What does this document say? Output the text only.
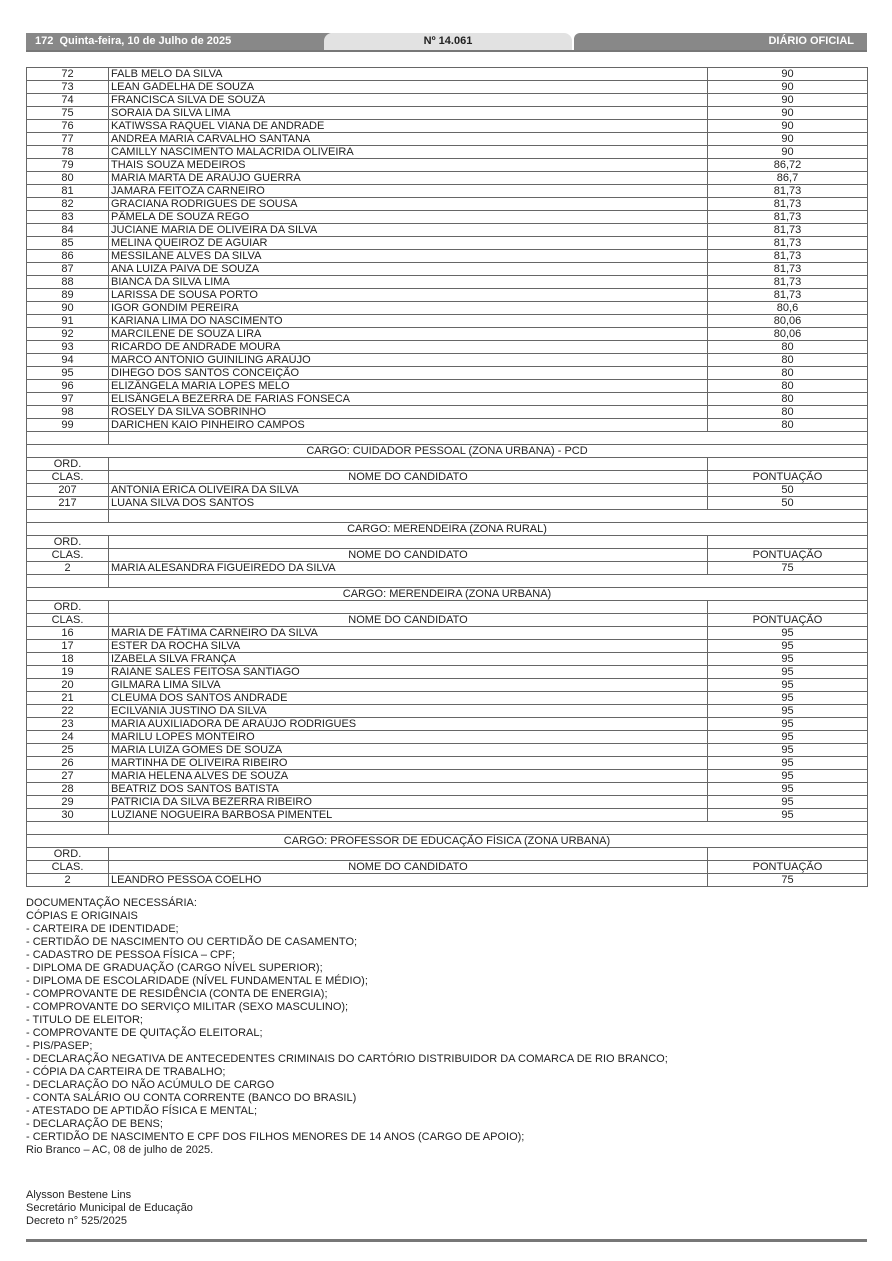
172 Quinta-feira, 10 de Julho de 2025	Nº 14.061	DIÁRIO OFICIAL
72	FALB MELO DA SILVA	90
73	LEAN GADELHA DE SOUZA	90
74	FRANCISCA SILVA DE SOUZA	90
75	SORAIA DA SILVA LIMA	90
76	KATIWSSA RAQUEL VIANA DE ANDRADE	90
77	ANDREA MARIA CARVALHO SANTANA	90
78	CAMILLY NASCIMENTO MALACRIDA OLIVEIRA	90
79	THAIS SOUZA MEDEIROS	86,72
80	MARIA MARTA DE ARAÚJO GUERRA	86,7
81	JAMARA FEITOZA CARNEIRO	81,73
82	GRACIANA RODRIGUES DE SOUSA	81,73
83	PÂMELA DE SOUZA REGO	81,73
84	JUCIANE MARIA DE OLIVEIRA DA SILVA	81,73
85	MELINA QUEIROZ DE AGUIAR	81,73
86	MESSILANE ALVES DA SILVA	81,73
87	ANA LUIZA PAIVA DE SOUZA	81,73
88	BIANCA DA SILVA LIMA	81,73
89	LARISSA DE SOUSA PORTO	81,73
90	IGOR GONDIM PEREIRA	80,6
91	KARIANA LIMA DO NASCIMENTO	80,06
92	MARCILENE DE SOUZA LIRA	80,06
93	RICARDO DE ANDRADE MOURA	80
94	MARCO ANTONIO GUINILING ARAÚJO	80
95	DIHEGO DOS SANTOS CONCEIÇÃO	80
96	ELIZÂNGELA MARIA LOPES MELO	80
97	ELISÂNGELA BEZERRA DE FARIAS FONSECA	80
98	ROSELY DA SILVA SOBRINHO	80
99	DARICHEN KAIO PINHEIRO CAMPOS	80

CARGO: CUIDADOR PESSOAL (ZONA URBANA) - PCD		
ORD.		
CLAS.	NOME DO CANDIDATO	PONTUAÇÃO
207	ANTONIA ERICA OLIVEIRA DA SILVA	50
217	LUANA SILVA DOS SANTOS	50

CARGO: MERENDEIRA (ZONA RURAL)		
ORD.		
CLAS.	NOME DO CANDIDATO	PONTUAÇÃO
2	MARIA ALESANDRA FIGUEIREDO DA SILVA	75

CARGO: MERENDEIRA (ZONA URBANA)		
ORD.		
CLAS.	NOME DO CANDIDATO	PONTUAÇÃO
16	MARIA DE FÁTIMA CARNEIRO DA SILVA	95
17	ESTER DA ROCHA SILVA	95
18	IZABELA SILVA FRANÇA	95
19	RAIANE SALES FEITOSA SANTIAGO	95
20	GILMARA LIMA SILVA	95
21	CLEUMA DOS SANTOS ANDRADE	95
22	ECILVANIA JUSTINO DA SILVA	95
23	MARIA AUXILIADORA DE ARAÚJO RODRIGUES	95
24	MARILU LOPES MONTEIRO	95
25	MARIA LUIZA GOMES DE SOUZA	95
26	MARTINHA DE OLIVEIRA RIBEIRO	95
27	MARIA HELENA ALVES DE SOUZA	95
28	BEATRIZ DOS SANTOS BATISTA	95
29	PATRICIA DA SILVA BEZERRA RIBEIRO	95
30	LUZIANE NOGUEIRA BARBOSA PIMENTEL	95

CARGO: PROFESSOR DE EDUCAÇÃO FÍSICA (ZONA URBANA)		
ORD.		
CLAS.	NOME DO CANDIDATO	PONTUAÇÃO
2	LEANDRO PESSOA COELHO	75
DOCUMENTAÇÃO NECESSÁRIA:
CÓPIAS E ORIGINAIS
- CARTEIRA DE IDENTIDADE;
- CERTIDÃO DE NASCIMENTO OU CERTIDÃO DE CASAMENTO;
- CADASTRO DE PESSOA FÍSICA – CPF;
- DIPLOMA DE GRADUAÇÃO (CARGO NÍVEL SUPERIOR);
- DIPLOMA DE ESCOLARIDADE (NÍVEL FUNDAMENTAL E MÉDIO);
- COMPROVANTE DE RESIDÊNCIA (CONTA DE ENERGIA);
- COMPROVANTE DO SERVIÇO MILITAR (SEXO MASCULINO);
- TITULO DE ELEITOR;
- COMPROVANTE DE QUITAÇÃO ELEITORAL;
- PIS/PASEP;
- DECLARAÇÃO NEGATIVA DE ANTECEDENTES CRIMINAIS DO CARTÓRIO DISTRIBUIDOR DA COMARCA DE RIO BRANCO;
- CÓPIA DA CARTEIRA DE TRABALHO;
- DECLARAÇÃO DO NÃO ACÚMULO DE CARGO
- CONTA SALÁRIO OU CONTA CORRENTE (BANCO DO BRASIL)
- ATESTADO DE APTIDÃO FÍSICA E MENTAL;
- DECLARAÇÃO DE BENS;
- CERTIDÃO DE NASCIMENTO E CPF DOS FILHOS MENORES DE 14 ANOS (CARGO DE APOIO);
Rio Branco – AC, 08 de julho de 2025.
Alysson Bestene Lins
Secretário Municipal de Educação
Decreto n° 525/2025
